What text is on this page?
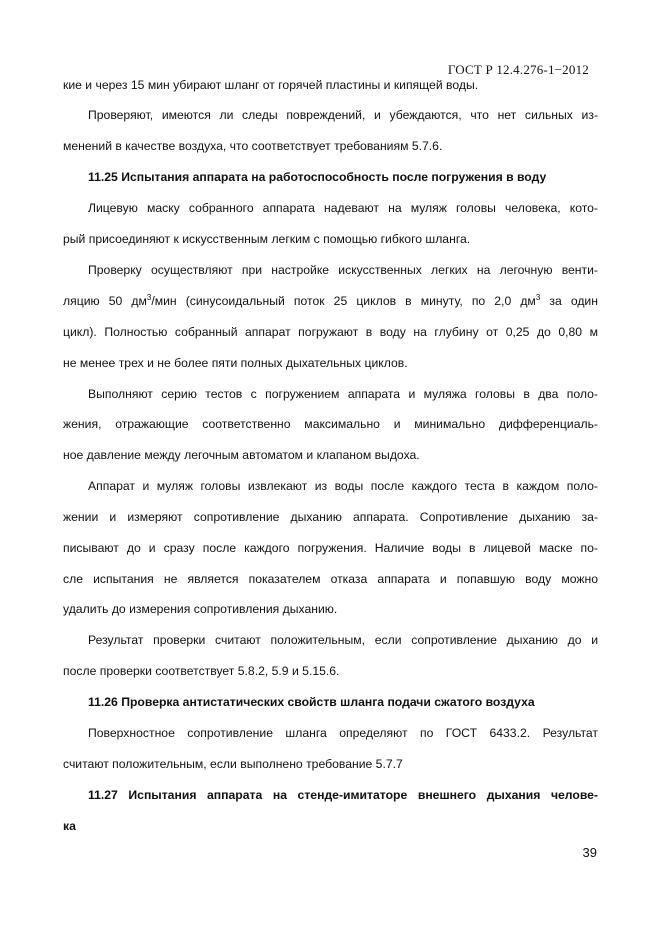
ГОСТ Р 12.4.276-1−2012
кие и через 15 мин убирают шланг от горячей пластины и кипящей воды.
Проверяют, имеются ли следы повреждений, и убеждаются, что нет сильных из-
менений в качестве воздуха, что соответствует требованиям 5.7.6.
11.25 Испытания аппарата на работоспособность после погружения в воду
Лицевую маску собранного аппарата надевают на муляж головы человека, кото-
рый присоединяют к искусственным легким с помощью гибкого шланга.
Проверку осуществляют при настройке искусственных легких на легочную венти-
ляцию 50 $дм^3$/мин (синусоидальный поток 25 циклов в минуту, по 2,0 $дм^3$ за один
цикл). Полностью собранный аппарат погружают в воду на глубину от 0,25 до 0,80 м
не менее трех и не более пяти полных дыхательных циклов.
Выполняют серию тестов с погружением аппарата и муляжа головы в два поло-
жения, отражающие соответственно максимально и минимально дифференциаль-
ное давление между легочным автоматом и клапаном выдоха.
Аппарат и муляж головы извлекают из воды после каждого теста в каждом поло-
жении и измеряют сопротивление дыханию аппарата. Сопротивление дыханию за-
писывают до и сразу после каждого погружения. Наличие воды в лицевой маске по-
сле испытания не является показателем отказа аппарата и попавшую воду можно
удалить до измерения сопротивления дыханию.
Результат проверки считают положительным, если сопротивление дыханию до и
после проверки соответствует 5.8.2, 5.9 и 5.15.6.
11.26 Проверка антистатических свойств шланга подачи сжатого воздуха
Поверхностное сопротивление шланга определяют по ГОСТ 6433.2. Результат
считают положительным, если выполнено требование 5.7.7
11.27 Испытания аппарата на стенде-имитаторе внешнего дыхания челове-
ка
39
